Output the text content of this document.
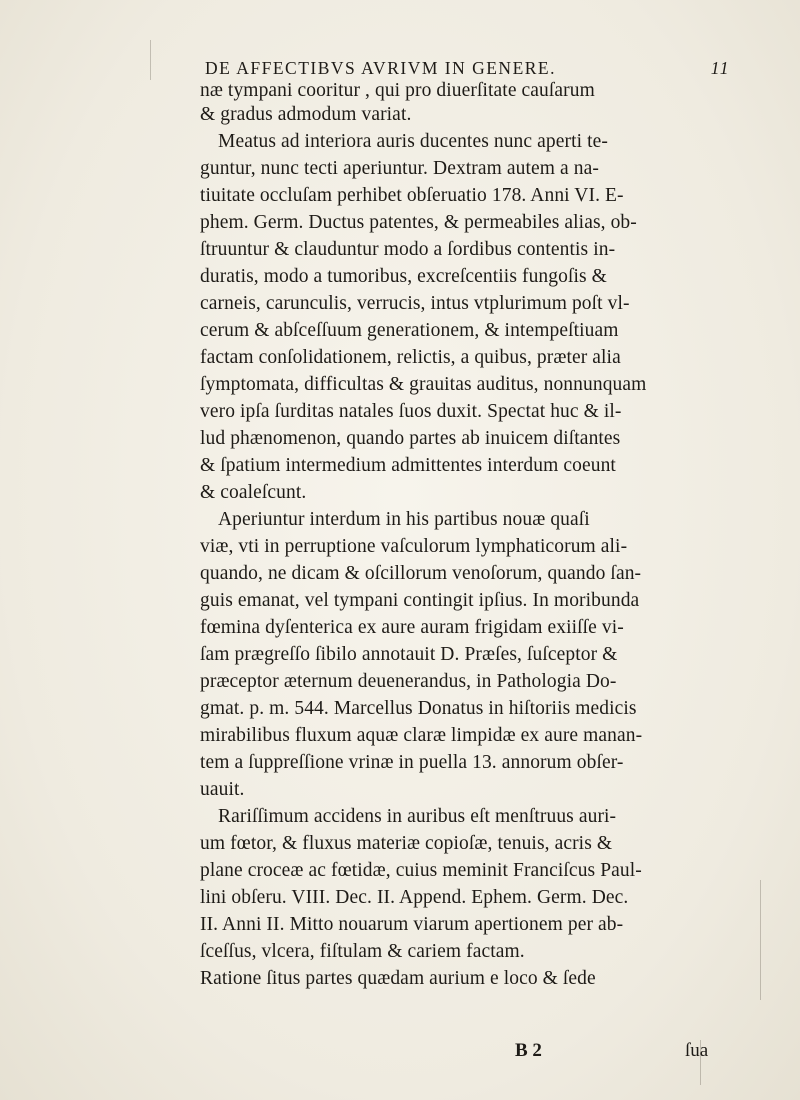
DE AFFECTIBVS AVRIVM IN GENERE.	11
næ tympani cooritur , qui pro diuerſitate cauſarum
& gradus admodum variat.
Meatus ad interiora auris ducentes nunc aperti te-
guntur, nunc tecti aperiuntur. Dextram autem a na-
tiuitate occluſam perhibet obſeruatio 178. Anni VI. E-
phem. Germ. Ductus patentes, & permeabiles alias, ob-
ſtruuntur & clauduntur modo a ſordibus contentis in-
duratis, modo a tumoribus, excreſcentiis fungoſis &
carneis, carunculis, verrucis, intus vtplurimum poſt vl-
cerum & abſceſſuum generationem, & intempeſtiuam
factam conſolidationem, relictis, a quibus, præter alia
ſymptomata, difficultas & grauitas auditus, nonnunquam
vero ipſa ſurditas natales ſuos duxit. Spectat huc & il-
lud phænomenon, quando partes ab inuicem diſtantes
& ſpatium intermedium admittentes interdum coeunt
& coaleſcunt.
Aperiuntur interdum in his partibus nouæ quaſi
viæ, vti in perruptione vaſculorum lymphaticorum ali-
quando, ne dicam & oſcillorum venoſorum, quando ſan-
guis emanat, vel tympani contingit ipſius. In moribunda
fœmina dyſenterica ex aure auram frigidam exiiſſe vi-
ſam prægreſſo ſibilo annotauit D. Præſes, ſuſceptor &
præceptor æternum deuenerandus, in Pathologia Do-
gmat. p. m. 544. Marcellus Donatus in hiſtoriis medicis
mirabilibus fluxum aquæ claræ limpidæ ex aure manan-
tem a ſuppreſſione vrinæ in puella 13. annorum obſer-
uauit.
Rariſſimum accidens in auribus eſt menſtruus auri-
um fœtor, & fluxus materiæ copioſæ, tenuis, acris &
plane croceæ ac fœtidæ, cuius meminit Franciſcus Paul-
lini obſeru. VIII. Dec. II. Append. Ephem. Germ. Dec.
II. Anni II. Mitto nouarum viarum apertionem per ab-
ſceſſus, vlcera, fiſtulam & cariem factam.
Ratione ſitus partes quædam aurium e loco & ſede
B 2	ſua
